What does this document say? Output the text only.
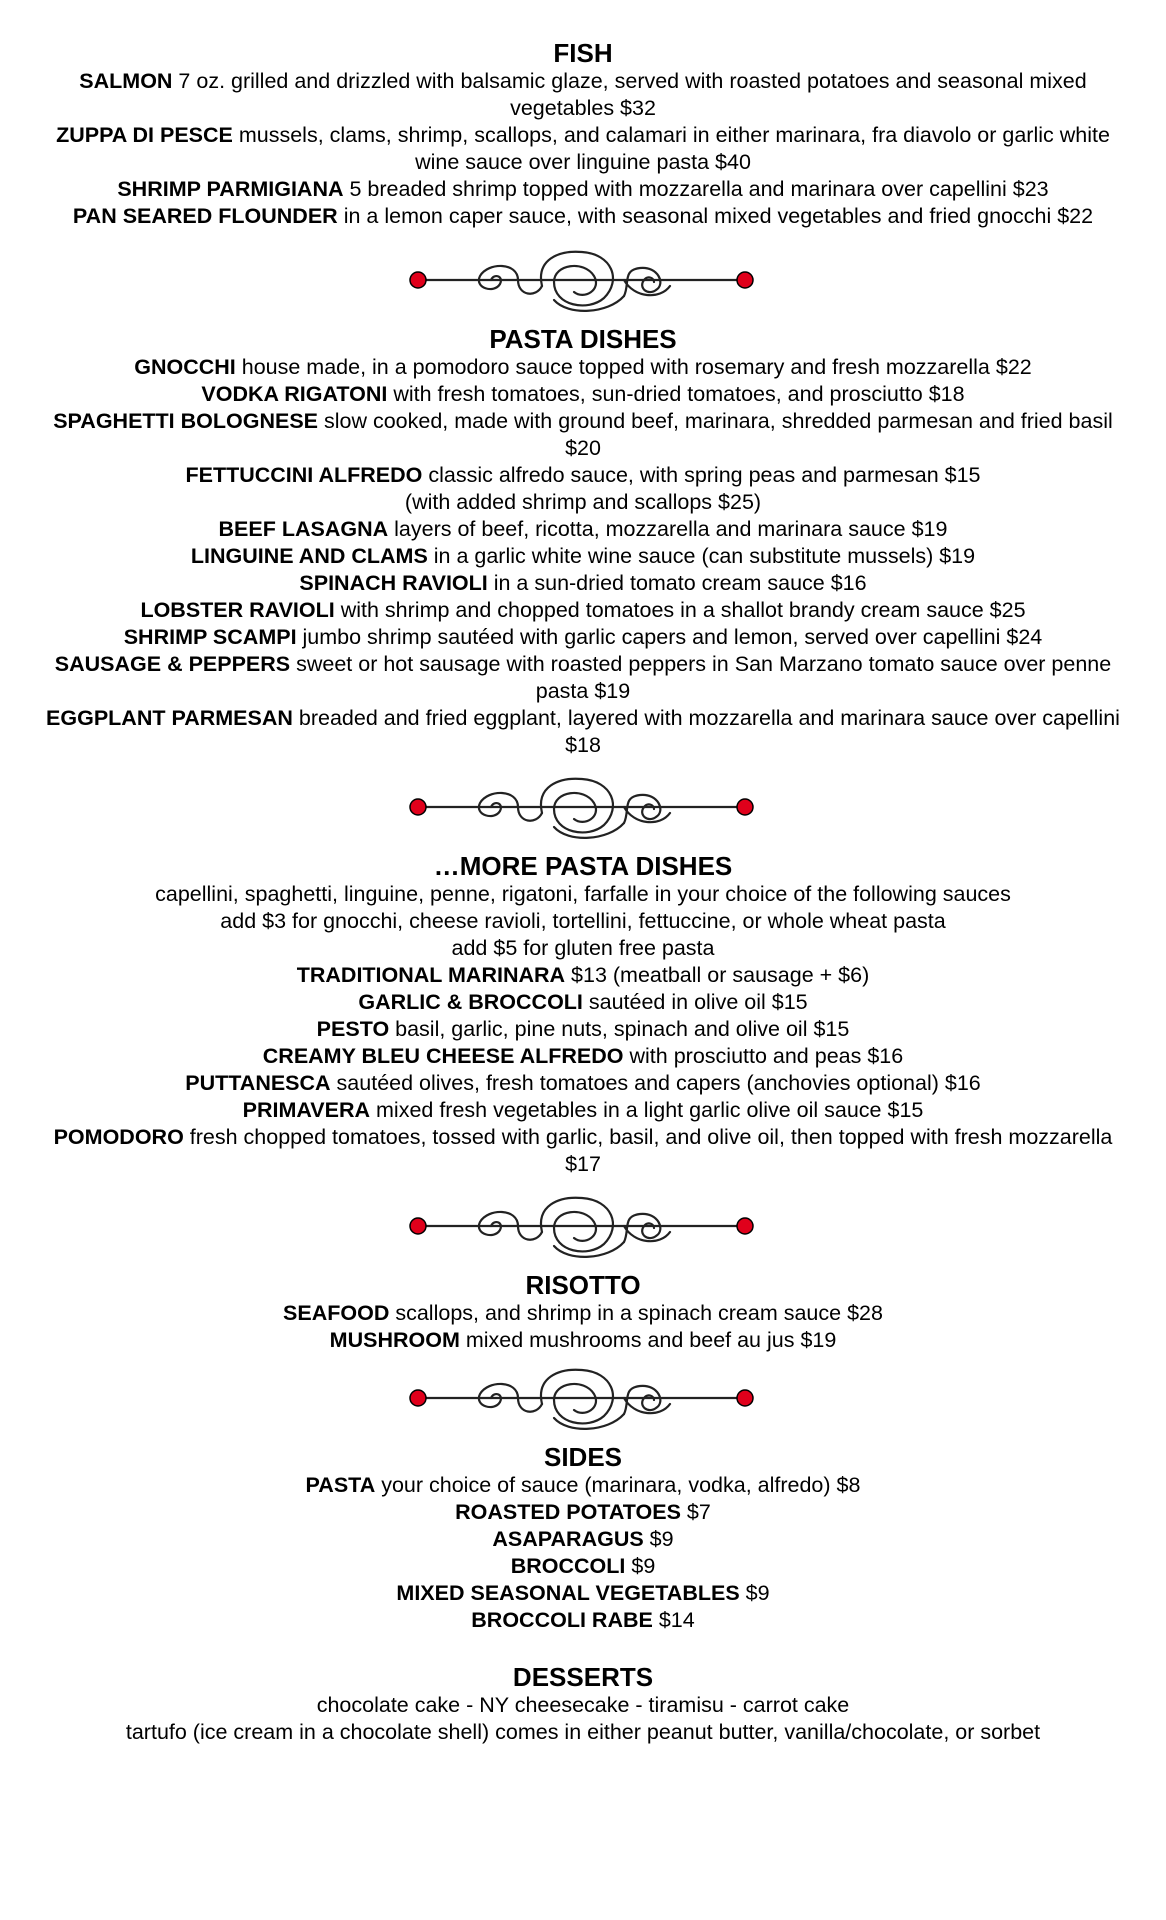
FISH

SALMON 7 oz. grilled and drizzled with balsamic glaze, served with roasted potatoes and seasonal mixed vegetables $32

ZUPPA DI PESCE mussels, clams, shrimp, scallops, and calamari in either marinara, fra diavolo or garlic white wine sauce over linguine pasta $40

SHRIMP PARMIGIANA 5 breaded shrimp topped with mozzarella and marinara over capellini $23

PAN SEARED FLOUNDER in a lemon caper sauce, with seasonal mixed vegetables and fried gnocchi $22

PASTA DISHES

GNOCCHI house made, in a pomodoro sauce topped with rosemary and fresh mozzarella $22

VODKA RIGATONI with fresh tomatoes, sun-dried tomatoes, and prosciutto $18

SPAGHETTI BOLOGNESE slow cooked, made with ground beef, marinara, shredded parmesan and fried basil $20

FETTUCCINI ALFREDO classic alfredo sauce, with spring peas and parmesan $15

(with added shrimp and scallops $25)

BEEF LASAGNA layers of beef, ricotta, mozzarella and marinara sauce $19

LINGUINE AND CLAMS in a garlic white wine sauce (can substitute mussels) $19

SPINACH RAVIOLI in a sun-dried tomato cream sauce $16

LOBSTER RAVIOLI with shrimp and chopped tomatoes in a shallot brandy cream sauce $25

SHRIMP SCAMPI jumbo shrimp sautéed with garlic capers and lemon, served over capellini $24

SAUSAGE & PEPPERS sweet or hot sausage with roasted peppers in San Marzano tomato sauce over penne pasta $19

EGGPLANT PARMESAN breaded and fried eggplant, layered with mozzarella and marinara sauce over capellini $18

…MORE PASTA DISHES

capellini, spaghetti, linguine, penne, rigatoni, farfalle in your choice of the following sauces

add $3 for gnocchi, cheese ravioli, tortellini, fettuccine, or whole wheat pasta

add $5 for gluten free pasta

TRADITIONAL MARINARA $13 (meatball or sausage + $6)

GARLIC & BROCCOLI sautéed in olive oil $15

PESTO basil, garlic, pine nuts, spinach and olive oil $15

CREAMY BLEU CHEESE ALFREDO with prosciutto and peas $16

PUTTANESCA sautéed olives, fresh tomatoes and capers (anchovies optional) $16

PRIMAVERA mixed fresh vegetables in a light garlic olive oil sauce $15

POMODORO fresh chopped tomatoes, tossed with garlic, basil, and olive oil, then topped with fresh mozzarella $17

RISOTTO

SEAFOOD scallops, and shrimp in a spinach cream sauce $28

MUSHROOM mixed mushrooms and beef au jus $19

SIDES

PASTA your choice of sauce (marinara, vodka, alfredo) $8

ROASTED POTATOES $7

ASAPARAGUS $9

BROCCOLI $9

MIXED SEASONAL VEGETABLES $9

BROCCOLI RABE $14

DESSERTS

chocolate cake - NY cheesecake - tiramisu - carrot cake

tartufo (ice cream in a chocolate shell) comes in either peanut butter, vanilla/chocolate, or sorbet
